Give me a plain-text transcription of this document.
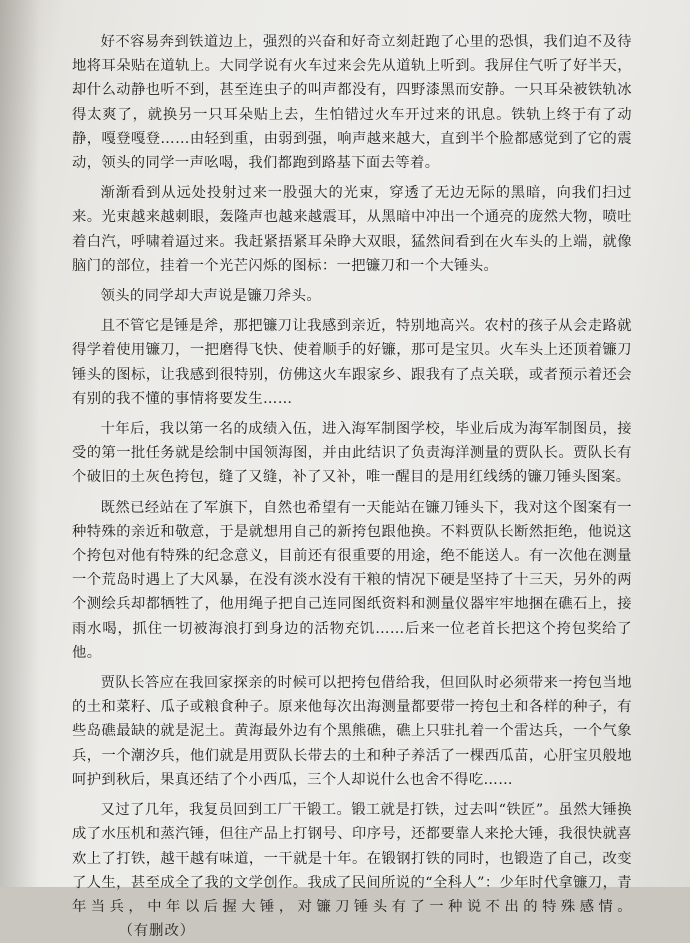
好不容易奔到铁道边上，强烈的兴奋和好奇立刻赶跑了心里的恐惧，我们迫不及待地将耳朵贴在道轨上。大同学说有火车过来会先从道轨上听到。我屏住气听了好半天，却什么动静也听不到，甚至连虫子的叫声都没有，四野漆黑而安静。一只耳朵被铁轨冰得太爽了，就换另一只耳朵贴上去，生怕错过火车开过来的讯息。铁轨上终于有了动静，嘎登嘎登……由轻到重，由弱到强，响声越来越大，直到半个脸都感觉到了它的震动，领头的同学一声吆喝，我们都跑到路基下面去等着。

渐渐看到从远处投射过来一股强大的光束，穿透了无边无际的黑暗，向我们扫过来。光束越来越刺眼，轰隆声也越来越震耳，从黑暗中冲出一个通亮的庞然大物，喷吐着白汽，呼啸着逼过来。我赶紧捂紧耳朵睁大双眼，猛然间看到在火车头的上端，就像脑门的部位，挂着一个光芒闪烁的图标：一把镰刀和一个大锤头。

领头的同学却大声说是镰刀斧头。

且不管它是锤是斧，那把镰刀让我感到亲近，特别地高兴。农村的孩子从会走路就得学着使用镰刀，一把磨得飞快、使着顺手的好镰，那可是宝贝。火车头上还顶着镰刀锤头的图标，让我感到很特别，仿佛这火车跟家乡、跟我有了点关联，或者预示着还会有别的我不懂的事情将要发生……

十年后，我以第一名的成绩入伍，进入海军制图学校，毕业后成为海军制图员，接受的第一批任务就是绘制中国领海图，并由此结识了负责海洋测量的贾队长。贾队长有个破旧的土灰色挎包，缝了又缝，补了又补，唯一醒目的是用红线绣的镰刀锤头图案。

既然已经站在了军旗下，自然也希望有一天能站在镰刀锤头下，我对这个图案有一种特殊的亲近和敬意，于是就想用自己的新挎包跟他换。不料贾队长断然拒绝，他说这个挎包对他有特殊的纪念意义，目前还有很重要的用途，绝不能送人。有一次他在测量一个荒岛时遇上了大风暴，在没有淡水没有干粮的情况下硬是坚持了十三天，另外的两个测绘兵却都牺牲了，他用绳子把自己连同图纸资料和测量仪器牢牢地捆在礁石上，接雨水喝，抓住一切被海浪打到身边的活物充饥……后来一位老首长把这个挎包奖给了他。

贾队长答应在我回家探亲的时候可以把挎包借给我，但回队时必须带来一挎包当地的土和菜籽、瓜子或粮食种子。原来他每次出海测量都要带一挎包土和各样的种子，有些岛礁最缺的就是泥土。黄海最外边有个黑熊礁，礁上只驻扎着一个雷达兵，一个气象兵，一个潮汐兵，他们就是用贾队长带去的土和种子养活了一棵西瓜苗，心肝宝贝般地呵护到秋后，果真还结了个小西瓜，三个人却说什么也舍不得吃……

又过了几年，我复员回到工厂干锻工。锻工就是打铁，过去叫“铁匠”。虽然大锤换成了水压机和蒸汽锤，但往产品上打钢号、印序号，还都要靠人来抡大锤，我很快就喜欢上了打铁，越干越有味道，一干就是十年。在锻钢打铁的同时，也锻造了自己，改变了人生，甚至成全了我的文学创作。我成了民间所说的“全科人”：少年时代拿镰刀，青年当兵，中年以后握大锤，对镰刀锤头有了一种说不出的特殊感情。（有删改）
